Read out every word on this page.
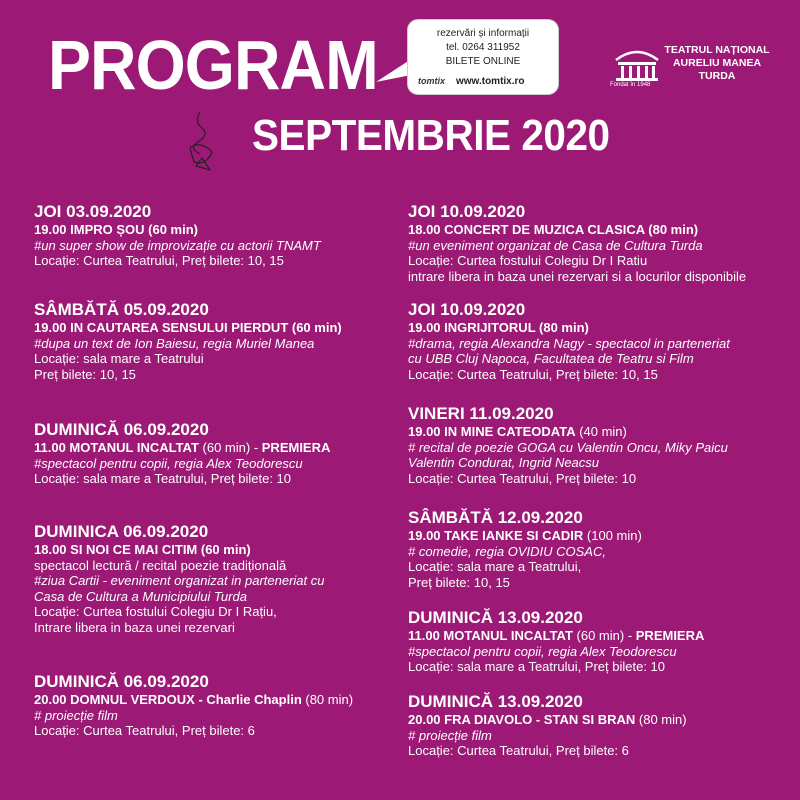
PROGRAM
SEPTEMBRIE 2020
rezervări și informații
tel. 0264 311952
BILETE ONLINE
tomtix www.tomtix.ro	Fondat în 1948
TEATRUL NAȚIONAL
AURELIU MANEA
TURDA
JOI 03.09.2020
19.00 IMPRO ȘOU (60 min)
#un super show de improvizație cu actorii TNAMT
Locație: Curtea Teatrului, Preț bilete: 10, 15
SÂMBĂTĂ 05.09.2020
19.00 IN CAUTAREA SENSULUI PIERDUT (60 min)
#dupa un text de Ion Baiesu, regia Muriel Manea
Locație: sala mare a Teatrului
Preț bilete: 10, 15
DUMINICĂ 06.09.2020
11.00 MOTANUL INCALTAT (60 min) - PREMIERA
#spectacol pentru copii, regia Alex Teodorescu
Locație: sala mare a Teatrului, Preț bilete: 10
DUMINICA 06.09.2020
18.00 SI NOI CE MAI CITIM (60 min)
spectacol lectură / recital poezie tradițională
#ziua Cartii - eveniment organizat in parteneriat cu
Casa de Cultura a Municipiului Turda
Locație: Curtea fostului Colegiu Dr I Rațiu,
Intrare libera in baza unei rezervari
DUMINICĂ 06.09.2020
20.00 DOMNUL VERDOUX - Charlie Chaplin (80 min)
# proiecție film
Locație: Curtea Teatrului, Preț bilete: 6
JOI 10.09.2020
18.00 CONCERT DE MUZICA CLASICA (80 min)
#un eveniment organizat de Casa de Cultura Turda
Locație: Curtea fostului Colegiu Dr I Ratiu
intrare libera in baza unei rezervari si a locurilor disponibile
JOI 10.09.2020
19.00 INGRIJITORUL (80 min)
#drama, regia Alexandra Nagy - spectacol in parteneriat
cu UBB Cluj Napoca, Facultatea de Teatru si Film
Locație: Curtea Teatrului, Preț bilete: 10, 15
VINERI 11.09.2020
19.00 IN MINE CATEODATA (40 min)
# recital de poezie GOGA cu Valentin Oncu, Miky Paicu
Valentin Condurat, Ingrid Neacsu
Locație: Curtea Teatrului, Preț bilete: 10
SÂMBĂTĂ 12.09.2020
19.00 TAKE IANKE SI CADIR (100 min)
# comedie, regia OVIDIU COSAC,
Locație: sala mare a Teatrului,
Preț bilete: 10, 15
DUMINICĂ 13.09.2020
11.00 MOTANUL INCALTAT (60 min) - PREMIERA
#spectacol pentru copii, regia Alex Teodorescu
Locație: sala mare a Teatrului, Preț bilete: 10
DUMINICĂ 13.09.2020
20.00 FRA DIAVOLO - STAN SI BRAN (80 min)
# proiecție film
Locație: Curtea Teatrului, Preț bilete: 6
